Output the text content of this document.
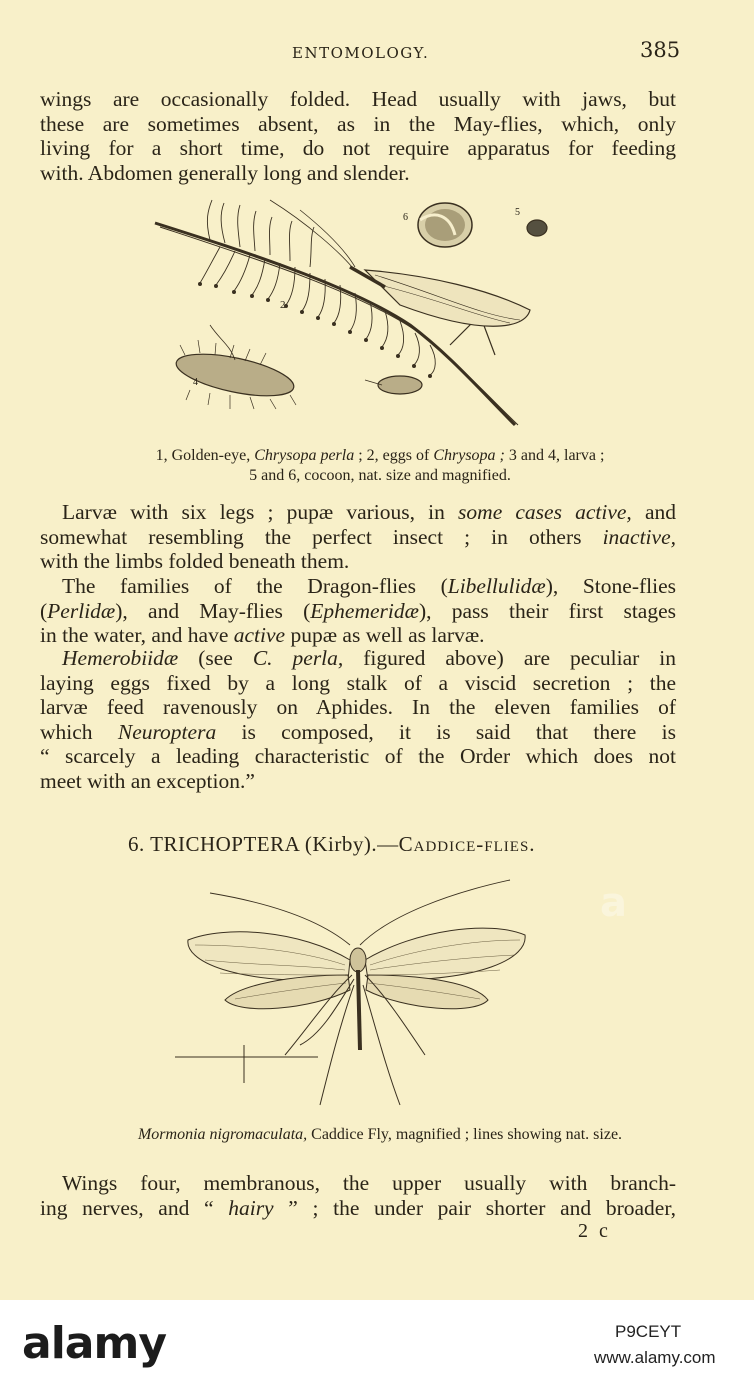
ENTOMOLOGY.	385
wings are occasionally folded. Head usually with jaws, but
these are sometimes absent, as in the May-flies, which, only
living for a short time, do not require apparatus for feeding
with. Abdomen generally long and slender.
6	5
2
4
1, Golden-eye, Chrysopa perla ; 2, eggs of Chrysopa ; 3 and 4, larva ;
5 and 6, cocoon, nat. size and magnified.
Larvæ with six legs ; pupæ various, in some cases active, and
somewhat resembling the perfect insect ; in others inactive,
with the limbs folded beneath them.
The families of the Dragon-flies (Libellulidæ), Stone-flies
(Perlidæ), and May-flies (Ephemeridæ), pass their first stages
in the water, and have active pupæ as well as larvæ.
Hemerobiidæ (see C. perla, figured above) are peculiar in
laying eggs fixed by a long stalk of a viscid secretion ; the
larvæ feed ravenously on Aphides. In the eleven families of
which Neuroptera is composed, it is said that there is
“ scarcely a leading characteristic of the Order which does not
meet with an exception.”
6. TRICHOPTERA (Kirby).—Caddice-flies.
Mormonia nigromaculata, Caddice Fly, magnified ; lines showing nat. size.
Wings four, membranous, the upper usually with branch-
ing nerves, and “ hairy ” ; the under pair shorter and broader,
2 c
a
alamy	P9CEYT
www.alamy.com
